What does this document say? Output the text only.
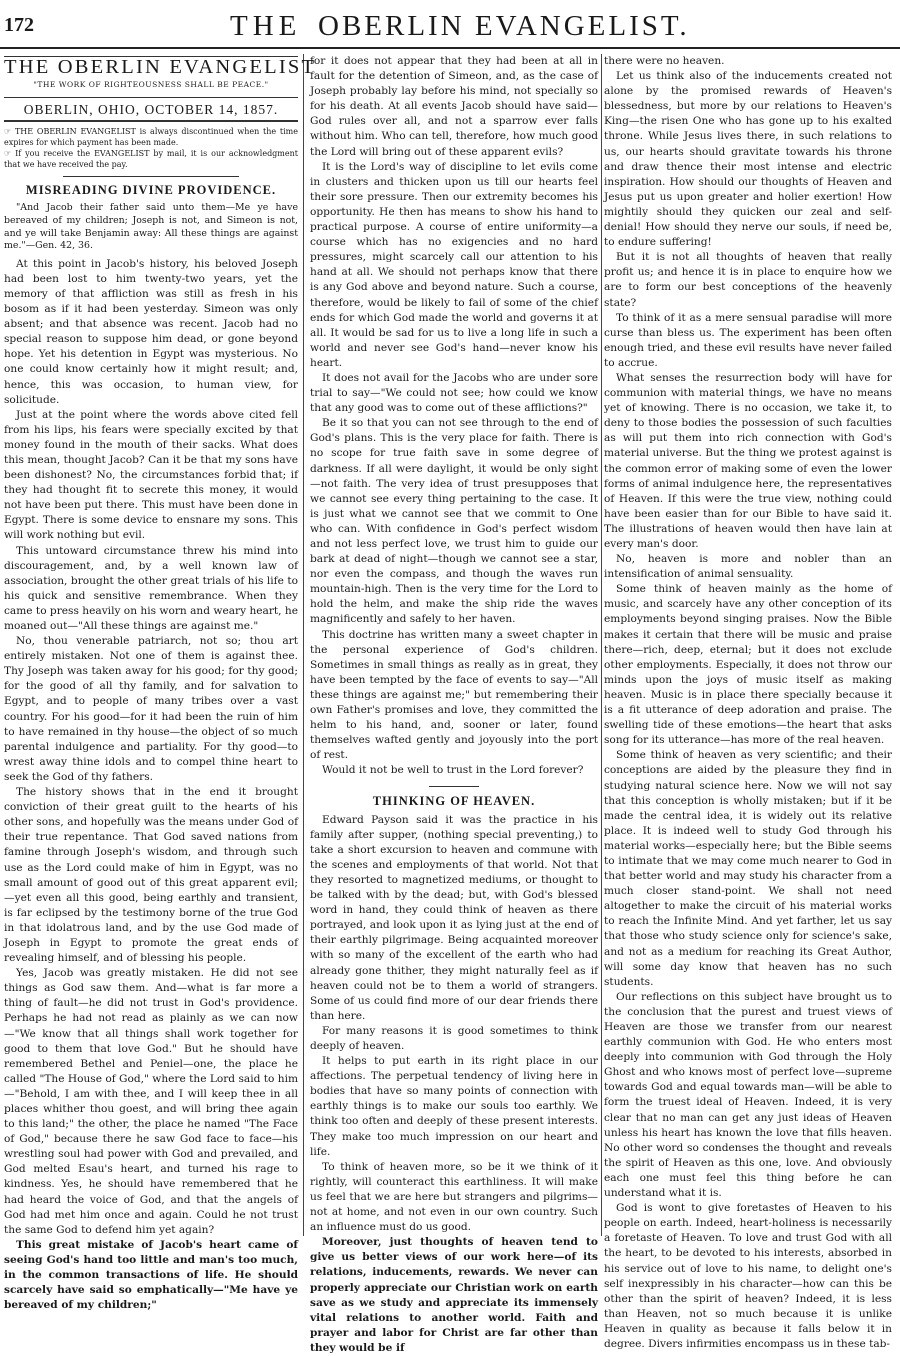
172	THE OBERLIN EVANGELIST.
THE OBERLIN EVANGELIST
"THE WORK OF RIGHTEOUSNESS SHALL BE PEACE."
OBERLIN, OHIO, OCTOBER 14, 1857.

☞ THE OBERLIN EVANGELIST is always discontinued when the time expires for which payment has been made.

☞ If you receive the EVANGELIST by mail, it is our acknowledgment that we have received the pay.

MISREADING DIVINE PROVIDENCE.

"And Jacob their father said unto them—Me ye have bereaved of my children; Joseph is not, and Simeon is not, and ye will take Benjamin away: All these things are against me."—Gen. 42, 36.

At this point in Jacob's history, his beloved Joseph had been lost to him twenty-two years, yet the memory of that affliction was still as fresh in his bosom as if it had been yesterday. Simeon was only absent; and that absence was recent. Jacob had no special reason to suppose him dead, or gone beyond hope. Yet his detention in Egypt was mysterious. No one could know certainly how it might result; and, hence, this was occasion, to human view, for solicitude.

Just at the point where the words above cited fell from his lips, his fears were specially excited by that money found in the mouth of their sacks. What does this mean, thought Jacob? Can it be that my sons have been dishonest? No, the circumstances forbid that; if they had thought fit to secrete this money, it would not have been put there. This must have been done in Egypt. There is some device to ensnare my sons. This will work nothing but evil.

This untoward circumstance threw his mind into discouragement, and, by a well known law of association, brought the other great trials of his life to his quick and sensitive remembrance. When they came to press heavily on his worn and weary heart, he moaned out—"All these things are against me."

No, thou venerable patriarch, not so; thou art entirely mistaken. Not one of them is against thee. Thy Joseph was taken away for his good; for thy good; for the good of all thy family, and for salvation to Egypt, and to people of many tribes over a vast country. For his good—for it had been the ruin of him to have remained in thy house—the object of so much parental indulgence and partiality. For thy good—to wrest away thine idols and to compel thine heart to seek the God of thy fathers.

The history shows that in the end it brought conviction of their great guilt to the hearts of his other sons, and hopefully was the means under God of their true repentance. That God saved nations from famine through Joseph's wisdom, and through such use as the Lord could make of him in Egypt, was no small amount of good out of this great apparent evil;—yet even all this good, being earthly and transient, is far eclipsed by the testimony borne of the true God in that idolatrous land, and by the use God made of Joseph in Egypt to promote the great ends of revealing himself, and of blessing his people.

Yes, Jacob was greatly mistaken. He did not see things as God saw them. And—what is far more a thing of fault—he did not trust in God's providence. Perhaps he had not read as plainly as we can now—"We know that all things shall work together for good to them that love God." But he should have remembered Bethel and Peniel—one, the place he called "The House of God," where the Lord said to him—"Behold, I am with thee, and I will keep thee in all places whither thou goest, and will bring thee again to this land;" the other, the place he named "The Face of God," because there he saw God face to face—his wrestling soul had power with God and prevailed, and God melted Esau's heart, and turned his rage to kindness. Yes, he should have remembered that he had heard the voice of God, and that the angels of God had met him once and again. Could he not trust the same God to defend him yet again?

This great mistake of Jacob's heart came of seeing God's hand too little and man's too much, in the common transactions of life. He should scarcely have said so emphatically—"Me have ye bereaved of my children;"

for it does not appear that they had been at all in fault for the detention of Simeon, and, as the case of Joseph probably lay before his mind, not specially so for his death. At all events Jacob should have said—God rules over all, and not a sparrow ever falls without him. Who can tell, therefore, how much good the Lord will bring out of these apparent evils?

It is the Lord's way of discipline to let evils come in clusters and thicken upon us till our hearts feel their sore pressure. Then our extremity becomes his opportunity. He then has means to show his hand to practical purpose. A course of entire uniformity—a course which has no exigencies and no hard pressures, might scarcely call our attention to his hand at all. We should not perhaps know that there is any God above and beyond nature. Such a course, therefore, would be likely to fail of some of the chief ends for which God made the world and governs it at all. It would be sad for us to live a long life in such a world and never see God's hand—never know his heart.

It does not avail for the Jacobs who are under sore trial to say—"We could not see; how could we know that any good was to come out of these afflictions?"

Be it so that you can not see through to the end of God's plans. This is the very place for faith. There is no scope for true faith save in some degree of darkness. If all were daylight, it would be only sight—not faith. The very idea of trust presupposes that we cannot see every thing pertaining to the case. It is just what we cannot see that we commit to One who can. With confidence in God's perfect wisdom and not less perfect love, we trust him to guide our bark at dead of night—though we cannot see a star, nor even the compass, and though the waves run mountain-high. Then is the very time for the Lord to hold the helm, and make the ship ride the waves magnificently and safely to her haven.

This doctrine has written many a sweet chapter in the personal experience of God's children. Sometimes in small things as really as in great, they have been tempted by the face of events to say—"All these things are against me;" but remembering their own Father's promises and love, they committed the helm to his hand, and, sooner or later, found themselves wafted gently and joyously into the port of rest.

Would it not be well to trust in the Lord forever?

THINKING OF HEAVEN.

Edward Payson said it was the practice in his family after supper, (nothing special preventing,) to take a short excursion to heaven and commune with the scenes and employments of that world. Not that they resorted to magnetized mediums, or thought to be talked with by the dead; but, with God's blessed word in hand, they could think of heaven as there portrayed, and look upon it as lying just at the end of their earthly pilgrimage. Being acquainted moreover with so many of the excellent of the earth who had already gone thither, they might naturally feel as if heaven could not be to them a world of strangers. Some of us could find more of our dear friends there than here.

For many reasons it is good sometimes to think deeply of heaven.

It helps to put earth in its right place in our affections. The perpetual tendency of living here in bodies that have so many points of connection with earthly things is to make our souls too earthly. We think too often and deeply of these present interests. They make too much impression on our heart and life.

To think of heaven more, so be it we think of it rightly, will counteract this earthliness. It will make us feel that we are here but strangers and pilgrims—not at home, and not even in our own country. Such an influence must do us good.

Moreover, just thoughts of heaven tend to give us better views of our work here—of its relations, inducements, rewards. We never can properly appreciate our Christian work on earth save as we study and appreciate its immensely vital relations to another world. Faith and prayer and labor for Christ are far other than they would be if

there were no heaven.

Let us think also of the inducements created not alone by the promised rewards of Heaven's blessedness, but more by our relations to Heaven's King—the risen One who has gone up to his exalted throne. While Jesus lives there, in such relations to us, our hearts should gravitate towards his throne and draw thence their most intense and electric inspiration. How should our thoughts of Heaven and Jesus put us upon greater and holier exertion! How mightily should they quicken our zeal and self-denial! How should they nerve our souls, if need be, to endure suffering!

But it is not all thoughts of heaven that really profit us; and hence it is in place to enquire how we are to form our best conceptions of the heavenly state?

To think of it as a mere sensual paradise will more curse than bless us. The experiment has been often enough tried, and these evil results have never failed to accrue.

What senses the resurrection body will have for communion with material things, we have no means yet of knowing. There is no occasion, we take it, to deny to those bodies the possession of such faculties as will put them into rich connection with God's material universe. But the thing we protest against is the common error of making some of even the lower forms of animal indulgence here, the representatives of Heaven. If this were the true view, nothing could have been easier than for our Bible to have said it. The illustrations of heaven would then have lain at every man's door.

No, heaven is more and nobler than an intensification of animal sensuality.

Some think of heaven mainly as the home of music, and scarcely have any other conception of its employments beyond singing praises. Now the Bible makes it certain that there will be music and praise there—rich, deep, eternal; but it does not exclude other employments. Especially, it does not throw our minds upon the joys of music itself as making heaven. Music is in place there specially because it is a fit utterance of deep adoration and praise. The swelling tide of these emotions—the heart that asks song for its utterance—has more of the real heaven.

Some think of heaven as very scientific; and their conceptions are aided by the pleasure they find in studying natural science here. Now we will not say that this conception is wholly mistaken; but if it be made the central idea, it is widely out its relative place. It is indeed well to study God through his material works—especially here; but the Bible seems to intimate that we may come much nearer to God in that better world and may study his character from a much closer stand-point. We shall not need altogether to make the circuit of his material works to reach the Infinite Mind. And yet farther, let us say that those who study science only for science's sake, and not as a medium for reaching its Great Author, will some day know that heaven has no such students.

Our reflections on this subject have brought us to the conclusion that the purest and truest views of Heaven are those we transfer from our nearest earthly communion with God. He who enters most deeply into communion with God through the Holy Ghost and who knows most of perfect love—supreme towards God and equal towards man—will be able to form the truest ideal of Heaven. Indeed, it is very clear that no man can get any just ideas of Heaven unless his heart has known the love that fills heaven. No other word so condenses the thought and reveals the spirit of Heaven as this one, love. And obviously each one must feel this thing before he can understand what it is.

God is wont to give foretastes of Heaven to his people on earth. Indeed, heart-holiness is necessarily a foretaste of Heaven. To love and trust God with all the heart, to be devoted to his interests, absorbed in his service out of love to his name, to delight one's self inexpressibly in his character—how can this be other than the spirit of heaven? Indeed, it is less than Heaven, not so much because it is unlike Heaven in quality as because it falls below it in degree. Divers infirmities encompass us in these tab-
